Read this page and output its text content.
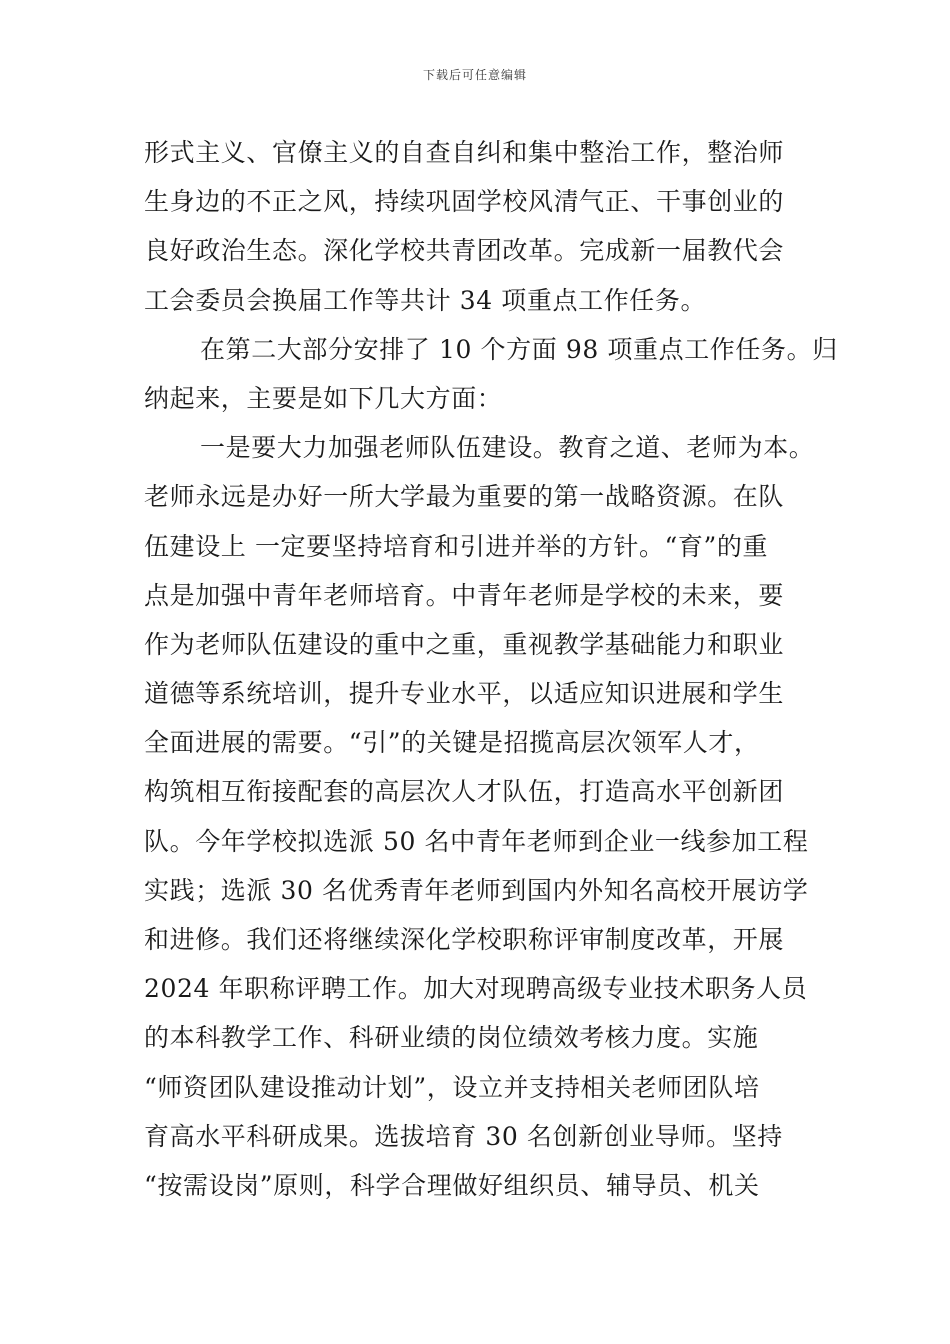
下载后可任意编辑
形式主义、官僚主义的自查自纠和集中整治工作，整治师
生身边的不正之风，持续巩固学校风清气正、干事创业的
良好政治生态。深化学校共青团改革。完成新一届教代会
工会委员会换届工作等共计 34 项重点工作任务。
在第二大部分安排了 10 个方面 98 项重点工作任务。归
纳起来，主要是如下几大方面：
一是要大力加强老师队伍建设。教育之道、老师为本。
老师永远是办好一所大学最为重要的第一战略资源。在队
伍建设上 一定要坚持培育和引进并举的方针。“育”的重
点是加强中青年老师培育。中青年老师是学校的未来，要
作为老师队伍建设的重中之重，重视教学基础能力和职业
道德等系统培训，提升专业水平，以适应知识进展和学生
全面进展的需要。“引”的关键是招揽高层次领军人才，
构筑相互衔接配套的高层次人才队伍，打造高水平创新团
队。今年学校拟选派 50 名中青年老师到企业一线参加工程
实践；选派 30 名优秀青年老师到国内外知名高校开展访学
和进修。我们还将继续深化学校职称评审制度改革，开展
2024 年职称评聘工作。加大对现聘高级专业技术职务人员
的本科教学工作、科研业绩的岗位绩效考核力度。实施
“师资团队建设推动计划”，设立并支持相关老师团队培
育高水平科研成果。选拔培育 30 名创新创业导师。坚持
“按需设岗”原则，科学合理做好组织员、辅导员、机关
